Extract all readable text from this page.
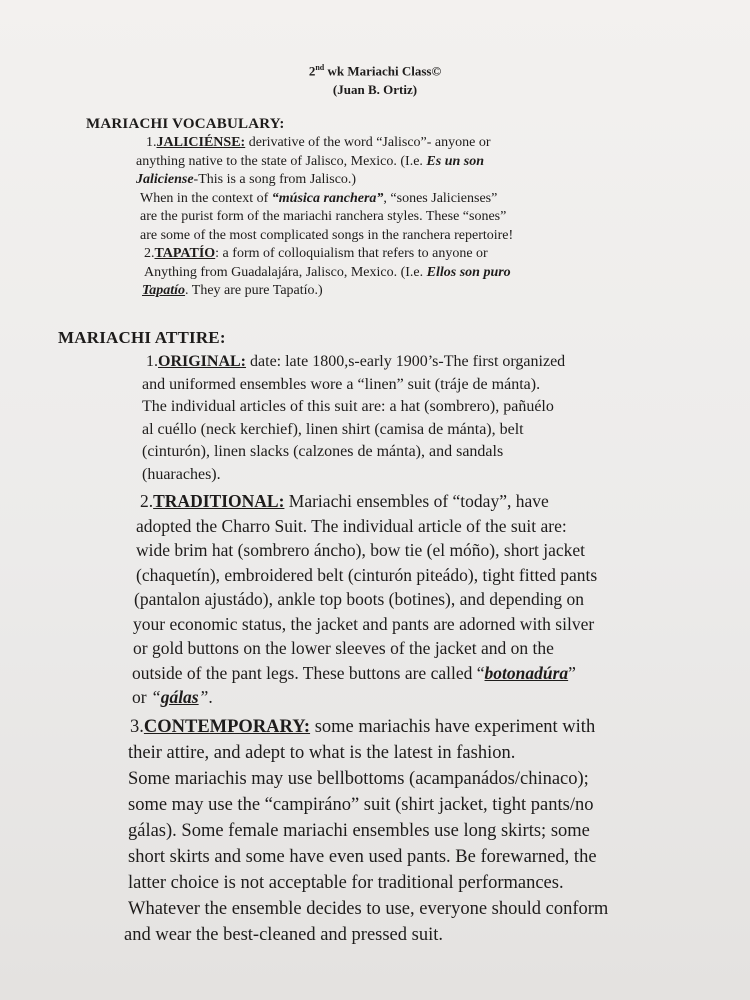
2nd wk Mariachi Class©
(Juan B. Ortiz)
MARIACHI VOCABULARY:
1.JALICIÉNSE: derivative of the word “Jalisco”- anyone or
anything native to the state of Jalisco, Mexico. (I.e. Es un son
Jaliciense-This is a song from Jalisco.)
When in the context of “música ranchera”, “sones Jalicienses”
are the purist form of the mariachi ranchera styles. These “sones”
are some of the most complicated songs in the ranchera repertoire!
2.TAPATÍO: a form of colloquialism that refers to anyone or
Anything from Guadalajára, Jalisco, Mexico. (I.e. Ellos son puro
Tapatío. They are pure Tapatío.)
MARIACHI ATTIRE:
1.ORIGINAL: date: late 1800,s-early 1900’s-The first organized
and uniformed ensembles wore a “linen” suit (tráje de mánta).
The individual articles of this suit are: a hat (sombrero), pañuélo
al cuéllo (neck kerchief), linen shirt (camisa de mánta), belt
(cinturón), linen slacks (calzones de mánta), and sandals
(huaraches).
2.TRADITIONAL: Mariachi ensembles of “today”, have
adopted the Charro Suit. The individual article of the suit are:
wide brim hat (sombrero áncho), bow tie (el móño), short jacket
(chaquetín), embroidered belt (cinturón piteádo), tight fitted pants
(pantalon ajustádo), ankle top boots (botines), and depending on
your economic status, the jacket and pants are adorned with silver
or gold buttons on the lower sleeves of the jacket and on the
outside of the pant legs. These buttons are called “botonadúra”
or “gálas”.
3.CONTEMPORARY: some mariachis have experiment with
their attire, and adept to what is the latest in fashion.
Some mariachis may use bellbottoms (acampanádos/chinaco);
some may use the “campiráno” suit (shirt jacket, tight pants/no
gálas). Some female mariachi ensembles use long skirts; some
short skirts and some have even used pants. Be forewarned, the
latter choice is not acceptable for traditional performances.
Whatever the ensemble decides to use, everyone should conform
and wear the best-cleaned and pressed suit.
